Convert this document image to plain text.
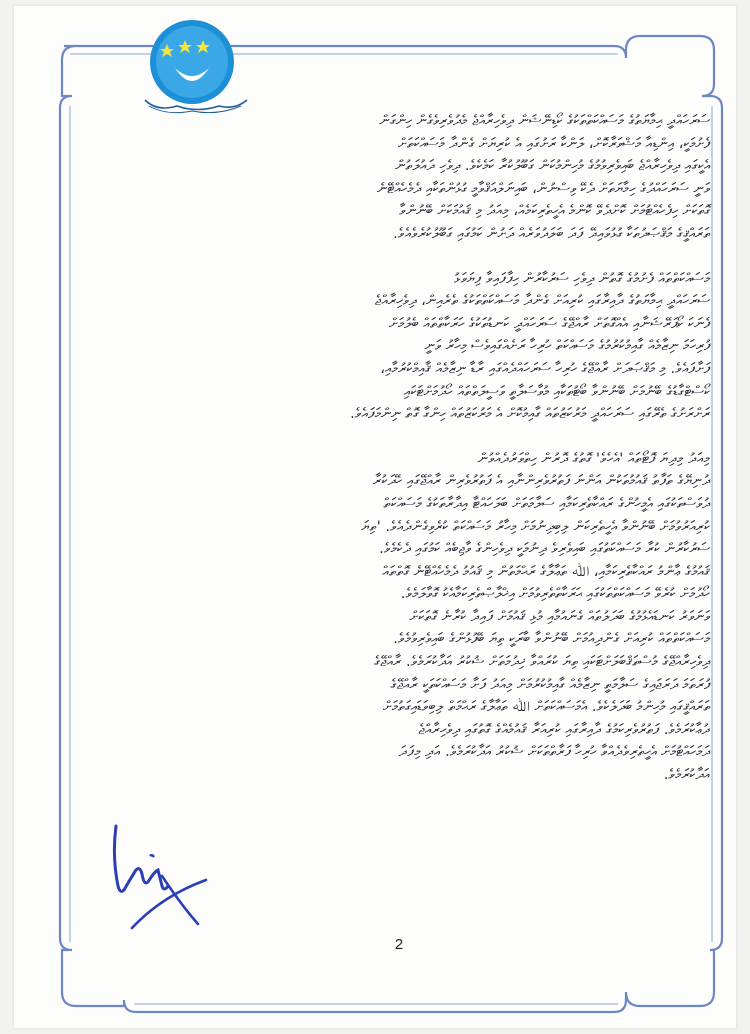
ސަރަހައްދީ ޙިމާޔަތުގެ މަސައްކަތްތަކުގެ ކޯޑިނޭޝަން ދިވެހިރާއްޖެ މެދުވެރިވެގެން ހިންގަން

ފެށުމަކީ، އިންޑިއާ މަޝްވަރާކޮށް، ލަންކާ ރަށުގައި އެ ކުރިޔަށް ގެންދާ މަސައްކަތަށް

އެކީގައި ދިވެހިރާއްޖެ ބައިވެރިވުމުގެ މުހިންމުކަން ގަބޫލުކުރާ ކަމެކެވެ. ދިވެހި ދައުލަތުން

ވަނީ ސަރަހައްދުގެ ހިމާޔަތަށް ދެކޭ ވިސްނުން، ބައިނަލްއަޤްވާމީ ގުޅުންތަކާއި ދެމެހެއްޓޭނެ

ގޮތަކަށް ހިފެހެއްޓުމަށް ކޮށްދެވޭ ކޮންމެ އެހީތެރިކަމެއް، މިއަދު މި ޤައުމަކަށް ބޭނުންވާ

ތަރައްޤީގެ މަޤްޞަދުތަކާ ގުޅުވައިދޭ ފަދަ ބަލަދުވަރެއް ދަށުން ކަމުގައި ގަބޫލުކުރެވެއެވެ.

މަސައްކަތްތައް ފެށުމުގެ ގޮތުން ދިވެހި ސަރުކާރުން ހިފާފައިވާ ފިޔަވަޅު

ސަރަހައްދީ ޙިމާޔަތުގެ ދާއިރާގައި ކުރިއަށް ގެންދާ މަސައްކަތްތަކުގެ ތެރެއިން، ދިވެހިރާއްޖެ

ފެނަކަ ކޯޕަރޭޝަނާއި އެއްގޮތަށް ރާއްޖޭގެ ސަރަހައްދީ ކަނޑުތަކުގެ ހަރަކާތްތައް ބެލުމަށް

ފުރިހަމަ ނިޒާމެއް ގާއިމުކުރުމުގެ މަސައްކަތް ހުރިހާ ރަށެއްގައިވެސް މިހާރު ވަނީ

ފަށާފައެވެ. މި މަޤްޞަދަށް ރާއްޖޭގެ ހުރިހާ ސަރަހައްދެއްގައި ރާޑާ ނިޒާމެއް ޤާއިމްކުރުމާއި،

ކޯސްޓްގާޑުގެ ބޭނުމަށް ބޭނުންވާ ބޯޓުތަކާއި މުވާސަލާތީ ވަސީލަތްތައް ހޯދުމަށްޓަކައި

ރަށްރަށުގެ ތެރޭގައި ސަރަހައްދީ މަރުކަޒުތައް ގާއިމުކޮށް އެ މަރުކަޒުތައް ހިންގާ ގޮތް ނިންމަފައެވެ.

މިއަދު މިދިޔަ ފޮޓޯތައް 'އެހެވެ' ގޮތުގެ ދޮރުން ހިތްވަރުދެއްވުން

ދުނިޔޭގެ ތަފާތު ޤައުމުތަކުން އަންނަ ފަތުރުވެރިންނާއި އެ ފަތުރުވެރިން ރާއްޖޭގައި ހޭދަކުރާ

ދުވަސްތަކުގައި އެމީހުންގެ ރައްކާތެރިކަމާއި ސަލާމަތަށް ބަލަހައްޓާ އިދާރާތަކުގެ މަސައްކަތް

ކުރިއަރުވުމަށް ބޭނުންވާ އެހީތެރިކަން ލިބިދިނުމަށް މިހާރު މަސައްކަތް ކުރެވިގެންދެއެވެ. 'ތިޔަ

ސަރުކާރުން ކުރާ މަސައްކަތުގައި ބައިވެރިވެ ދިނުމަކީ ދިވެހިންގެ ވާޖިބެއް ކަމުގައި ދެކެމެވެ.

ޤައުމުގެ ޢާންމު ރައްކާތެރިކަމާއި، ﷲ ތަޢާލާގެ ރަޙްމަތުން މި ޤައުމު ދެމެހެއްޓޭނެ ގޮތްތައް

ހޯދުމަށް ކުރެވޭ މަސައްކަތްތަކުގައި ޙަރަކާތްތެރިވުމަށް އިޚްލާޞްތެރިކަމާއެކު ގޮވާލަމެވެ.

ވަނަވަރު ކަނޑައެޅުމުގެ ބަދަލުތައް ގެނައުމާއި މުޅި ޤައުމަށް ފައިދާ ކުރާނެ ގޮތަކަށް

މަސައްކަތްތައް ކުރިއަށް ގެންދިއުމަށް ބޭނުންވާ ބާރަކީ ތިޔަ ބޭފުޅުންގެ ބައިވެރިވުމެވެ.

ދިވެހިރާއްޖޭގެ މުސްތަޤްބަލަށްޓަކައި ތިޔަ ކުރައްވާ ޚިދުމަތަށް ޝުކުރު އަދާކުރަމެވެ. ރާއްޖޭގެ

ފުރަތަމަ ދަރަޖައިގެ ސަލާމަތީ ނިޒާމެއް ގާއިމުކުރުމަށް މިއަދު ފަށާ މަސައްކަތަކީ ރާއްޖޭގެ

ތަރައްޤީގައި މުހިންމު ބަދަލެކެވެ. އެމަސައްކަތަށް ﷲ ތަޢާލާގެ ރަޙްމަތް ލިބިވަޑައިގަތުމަށް

ދުޢާކުރަމެވެ. ފަތުރުވެރިކަމުގެ ދާއިރާގައި ކުރިއަރާ ޤައުމެއްގެ ގޮތުގައި ދިވެހިރާއްޖެ

ދަމަހައްޓުމަށް އެހީތެރިވެދެއްވާ ހުރިހާ ފަރާތްތަކަށް ޝުކުރު އަދާކުރަމެވެ. އަދި މިފަދަ

އަދާކުރަމެވެ.

2
